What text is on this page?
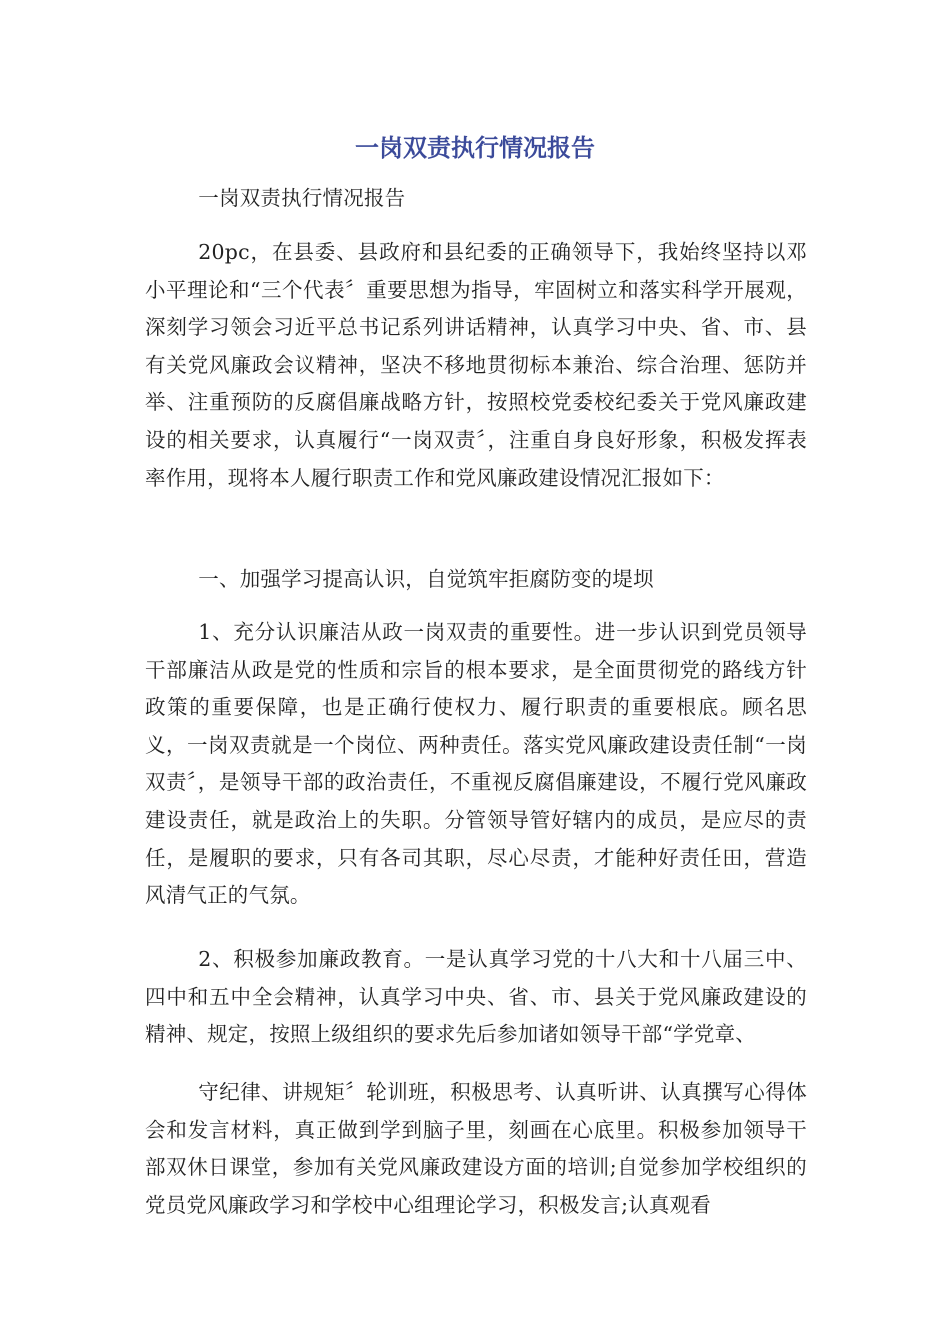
一岗双责执行情况报告
一岗双责执行情况报告
20pc，在县委、县政府和县纪委的正确领导下，我始终坚持以邓小平理论和“三个代表〞重要思想为指导，牢固树立和落实科学开展观，深刻学习领会习近平总书记系列讲话精神，认真学习中央、省、市、县有关党风廉政会议精神，坚决不移地贯彻标本兼治、综合治理、惩防并举、注重预防的反腐倡廉战略方针，按照校党委校纪委关于党风廉政建设的相关要求，认真履行“一岗双责〞，注重自身良好形象，积极发挥表率作用，现将本人履行职责工作和党风廉政建设情况汇报如下：
一、加强学习提高认识，自觉筑牢拒腐防变的堤坝
1、充分认识廉洁从政一岗双责的重要性。进一步认识到党员领导干部廉洁从政是党的性质和宗旨的根本要求，是全面贯彻党的路线方针政策的重要保障，也是正确行使权力、履行职责的重要根底。顾名思义，一岗双责就是一个岗位、两种责任。落实党风廉政建设责任制“一岗双责〞，是领导干部的政治责任，不重视反腐倡廉建设，不履行党风廉政建设责任，就是政治上的失职。分管领导管好辖内的成员，是应尽的责任，是履职的要求，只有各司其职，尽心尽责，才能种好责任田，营造风清气正的气氛。
2、积极参加廉政教育。一是认真学习党的十八大和十八届三中、四中和五中全会精神，认真学习中央、省、市、县关于党风廉政建设的精神、规定，按照上级组织的要求先后参加诸如领导干部“学党章、
守纪律、讲规矩〞轮训班，积极思考、认真听讲、认真撰写心得体会和发言材料，真正做到学到脑子里，刻画在心底里。积极参加领导干部双休日课堂，参加有关党风廉政建设方面的培训;自觉参加学校组织的党员党风廉政学习和学校中心组理论学习，积极发言;认真观看
